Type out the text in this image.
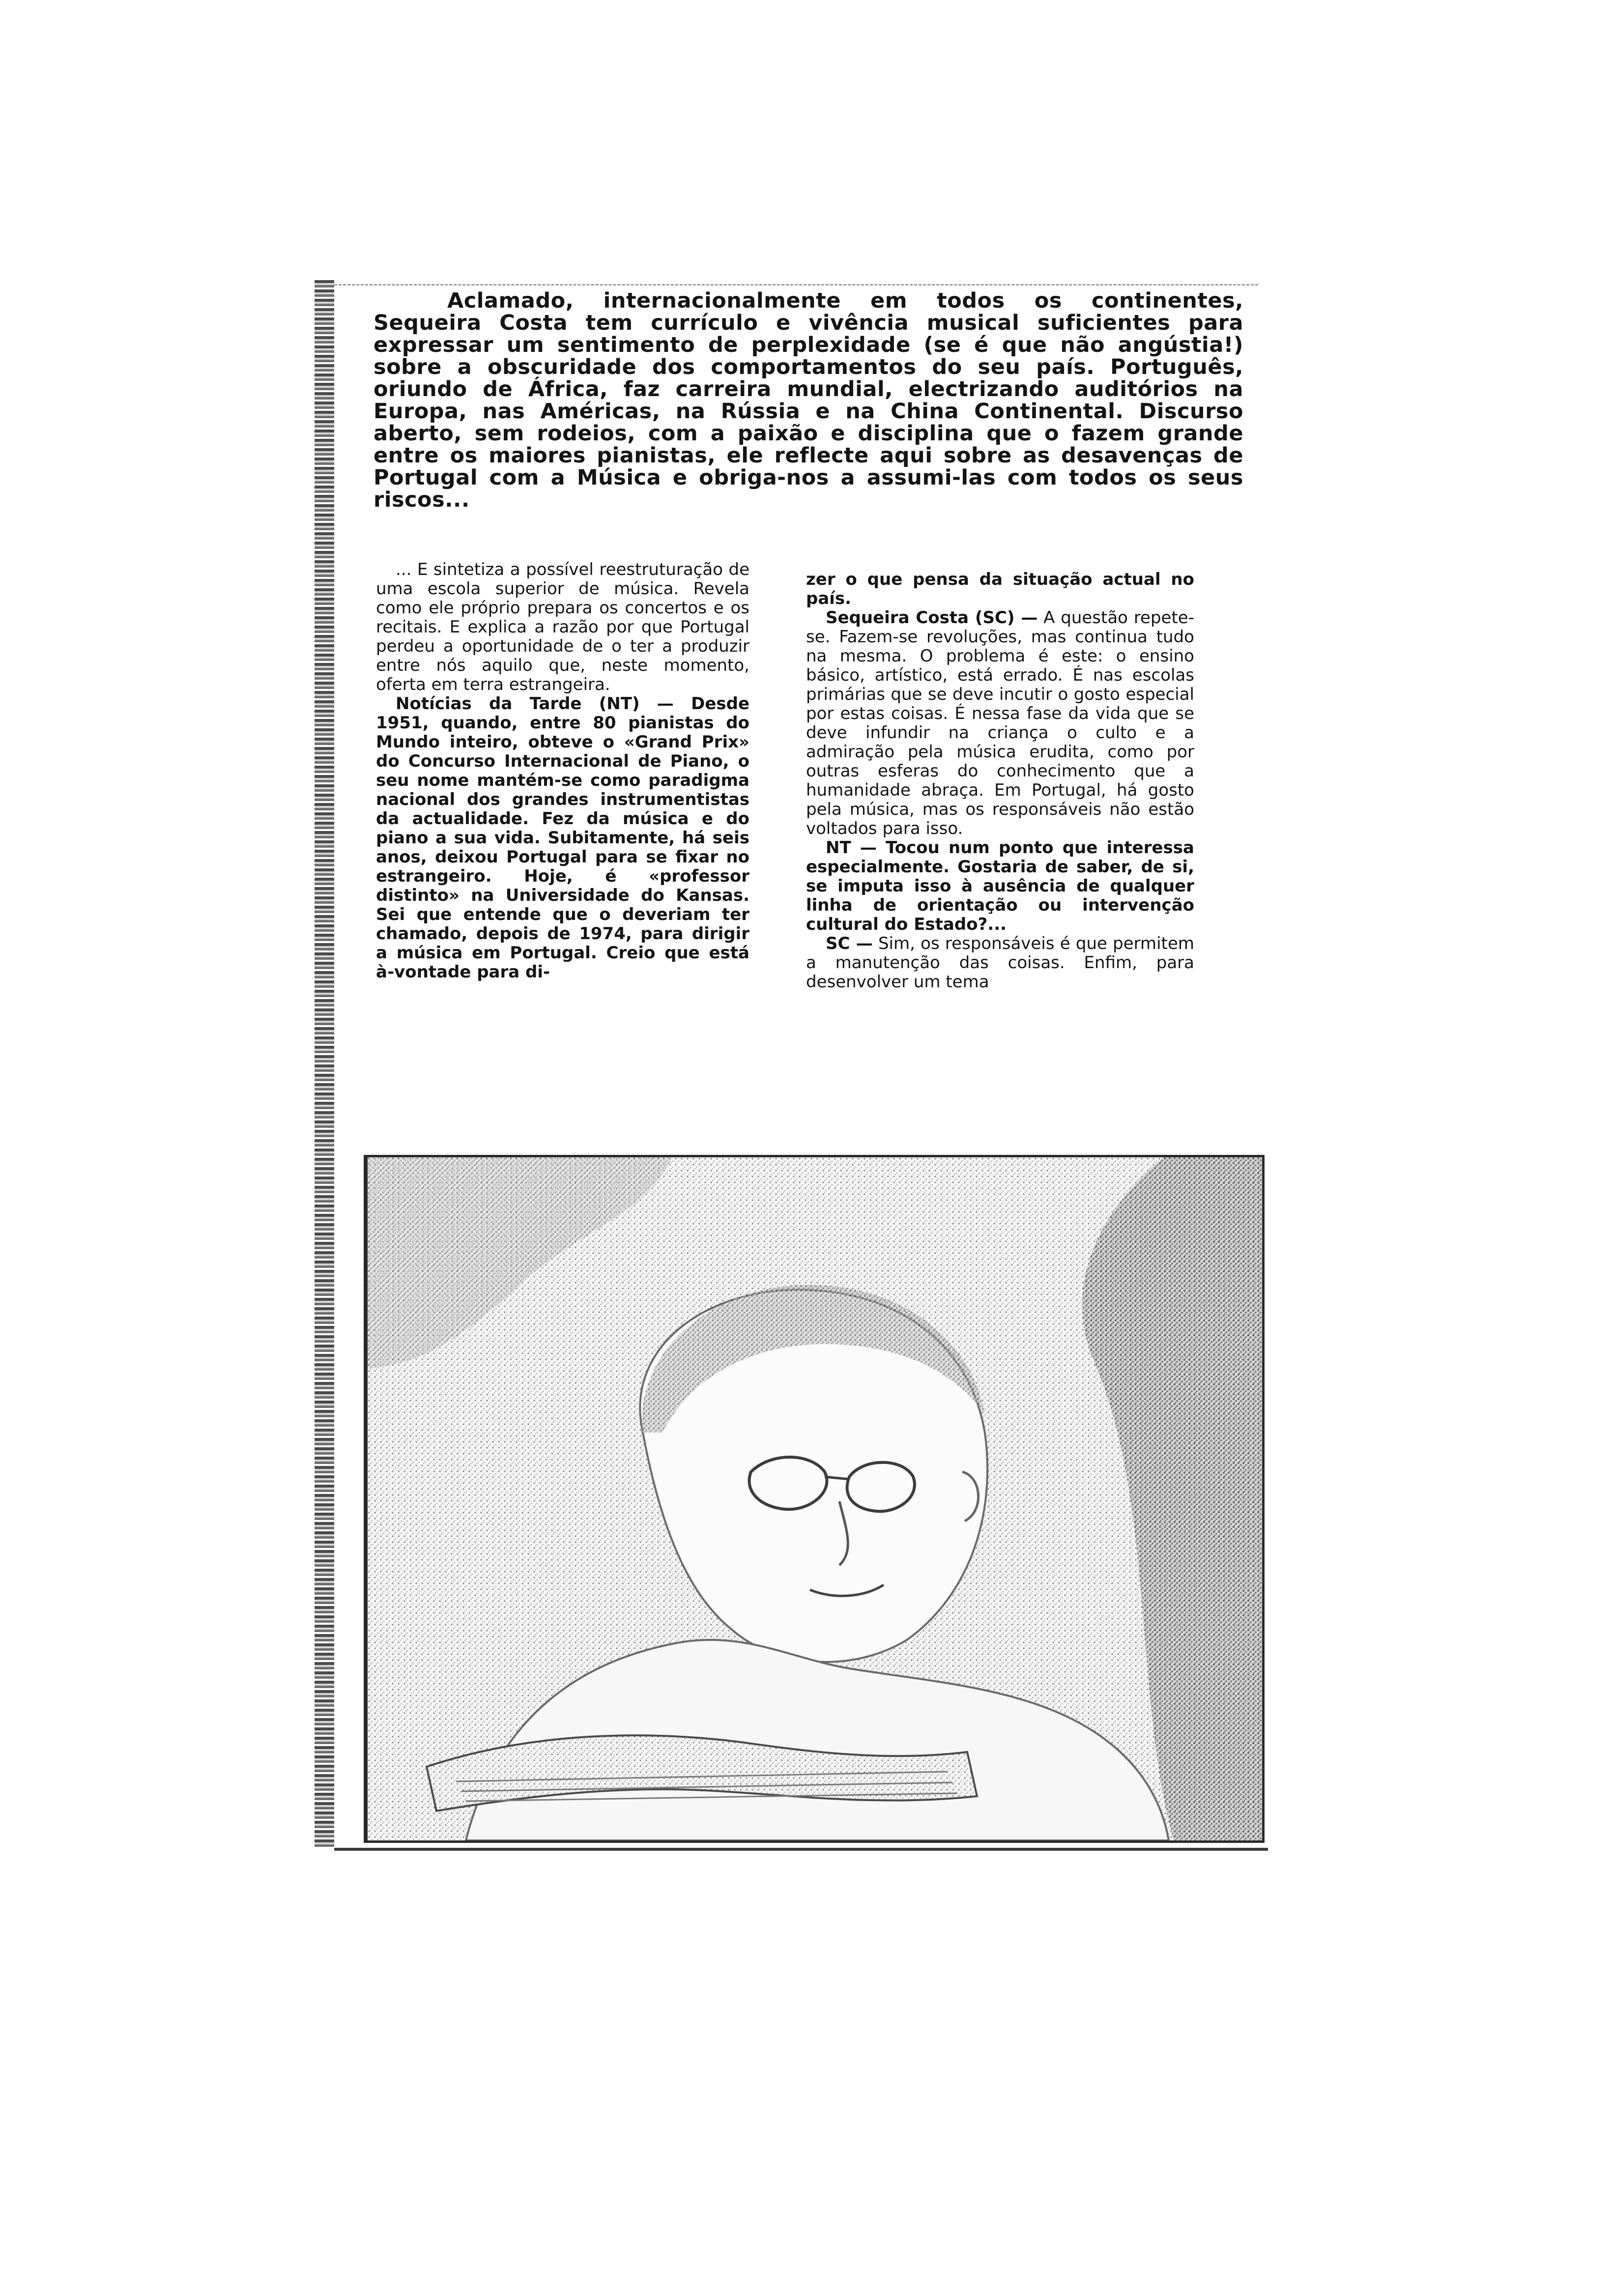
Aclamado, internacionalmente em todos os continentes, Sequeira Costa tem currículo e vivência musical suficientes para expressar um sentimento de perplexidade (se é que não angústia!) sobre a obscuridade dos comportamentos do seu país. Português, oriundo de África, faz carreira mundial, electrizando auditórios na Europa, nas Américas, na Rússia e na China Continental. Discurso aberto, sem rodeios, com a paixão e disciplina que o fazem grande entre os maiores pianistas, ele reflecte aqui sobre as desavenças de Portugal com a Música e obriga-nos a assumi-las com todos os seus riscos...

... E sintetiza a possível reestruturação de uma escola superior de música. Revela como ele próprio prepara os concertos e os recitais. E explica a razão por que Portugal perdeu a oportunidade de o ter a produzir entre nós aquilo que, neste momento, oferta em terra estrangeira.

Notícias da Tarde (NT) — Desde 1951, quando, entre 80 pianistas do Mundo inteiro, obteve o «Grand Prix» do Concurso Internacional de Piano, o seu nome mantém-se como paradigma nacional dos grandes instrumentistas da actualidade. Fez da música e do piano a sua vida. Subitamente, há seis anos, deixou Portugal para se fixar no estrangeiro. Hoje, é «professor distinto» na Universidade do Kansas. Sei que entende que o deveriam ter chamado, depois de 1974, para dirigir a música em Portugal. Creio que está à-vontade para di-

zer o que pensa da situação actual no país.

Sequeira Costa (SC) — A questão repete-se. Fazem-se revoluções, mas continua tudo na mesma. O problema é este: o ensino básico, artístico, está errado. É nas escolas primárias que se deve incutir o gosto especial por estas coisas. É nessa fase da vida que se deve infundir na criança o culto e a admiração pela música erudita, como por outras esferas do conhecimento que a humanidade abraça. Em Portugal, há gosto pela música, mas os responsáveis não estão voltados para isso.

NT — Tocou num ponto que interessa especialmente. Gostaria de saber, de si, se imputa isso à ausência de qualquer linha de orientação ou intervenção cultural do Estado?...

SC — Sim, os responsáveis é que permitem a manutenção das coisas. Enfim, para desenvolver um tema
